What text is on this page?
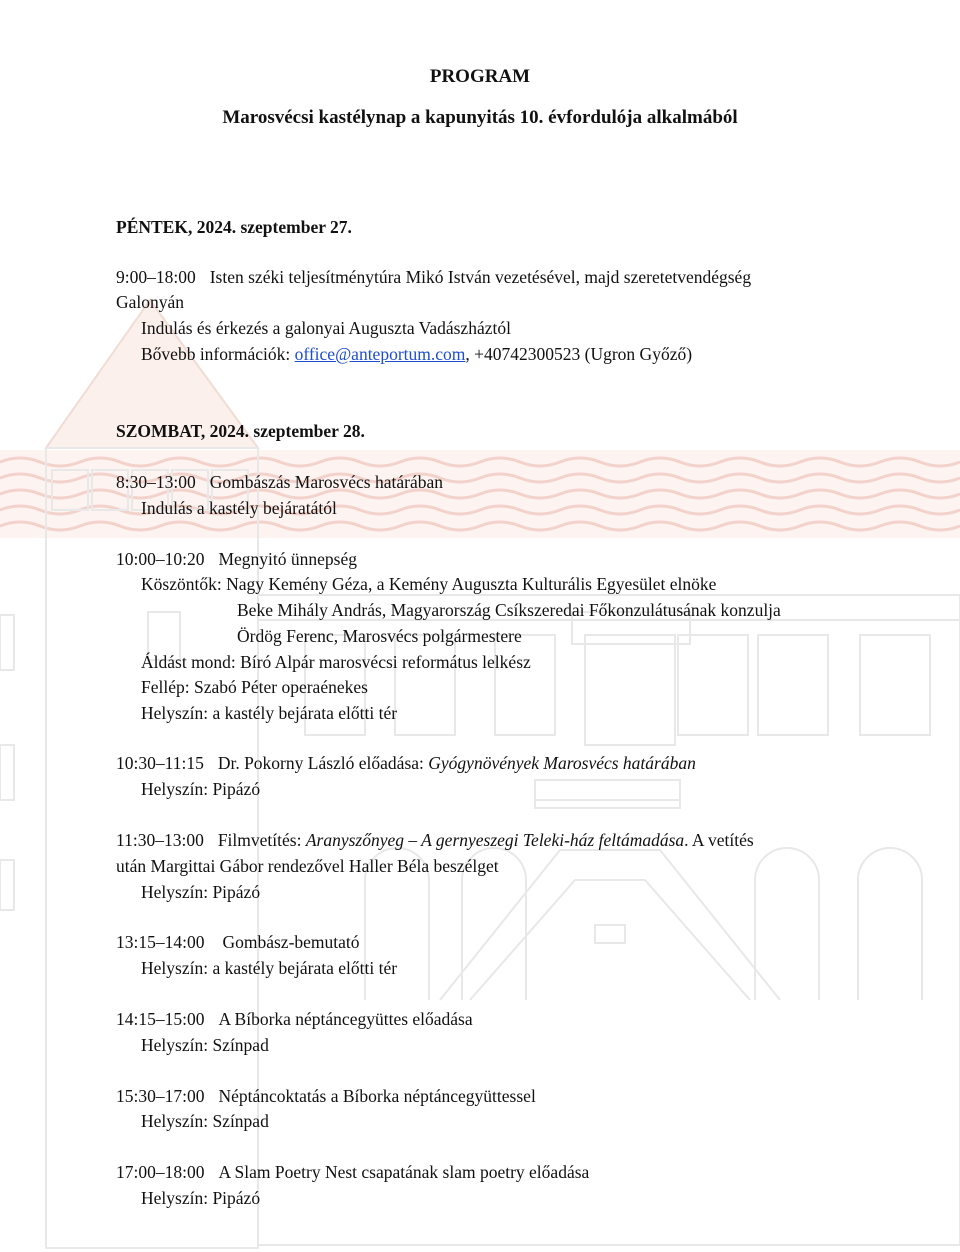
PROGRAM
Marosvécsi kastélynap a kapunyitás 10. évfordulója alkalmából
PÉNTEK, 2024. szeptember 27.
9:00–18:00 Isten széki teljesítménytúra Mikó István vezetésével, majd szeretetvendégség
Galonyán
Indulás és érkezés a galonyai Auguszta Vadászháztól
Bővebb információk: office@anteportum.com, +40742300523 (Ugron Győző)
SZOMBAT, 2024. szeptember 28.
8:30–13:00 Gombászás Marosvécs határában
Indulás a kastély bejáratától
10:00–10:20 Megnyitó ünnepség
Köszöntők: Nagy Kemény Géza, a Kemény Auguszta Kulturális Egyesület elnöke
Beke Mihály András, Magyarország Csíkszeredai Főkonzulátusának konzulja
Ördög Ferenc, Marosvécs polgármestere
Áldást mond: Bíró Alpár marosvécsi református lelkész
Fellép: Szabó Péter operaénekes
Helyszín: a kastély bejárata előtti tér
10:30–11:15 Dr. Pokorny László előadása: Gyógynövények Marosvécs határában
Helyszín: Pipázó
11:30–13:00 Filmvetítés: Aranyszőnyeg – A gernyeszegi Teleki-ház feltámadása. A vetítés
után Margittai Gábor rendezővel Haller Béla beszélget
Helyszín: Pipázó
13:15–14:00 Gombász-bemutató
Helyszín: a kastély bejárata előtti tér
14:15–15:00 A Bíborka néptáncegyüttes előadása
Helyszín: Színpad
15:30–17:00 Néptáncoktatás a Bíborka néptáncegyüttessel
Helyszín: Színpad
17:00–18:00 A Slam Poetry Nest csapatának slam poetry előadása
Helyszín: Pipázó
